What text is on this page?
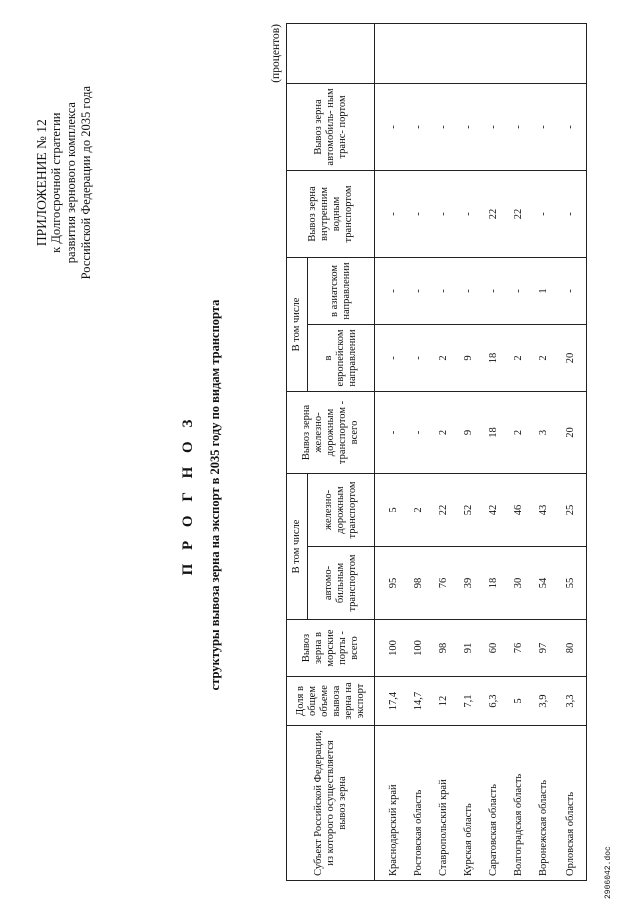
ПРИЛОЖЕНИЕ № 12 к Долгосрочной стратегии развития зернового комплекса Российской Федерации до 2035 года
П Р О Г Н О З структуры вывоза зерна на экспорт в 2035 году по видам транспорта
(процентов)
Субъект Российской Федерации, из которого осуществляется вывоз зерна	Доля в общем объеме вывоза зерна на экспорт	Вывоз зерна в морские порты - всего	В том числе		Вывоз зерна железно- дорожным транспортом - всего	В том числе		Вывоз зерна внутренним водным транспортом	Вывоз зерна автомобиль- ным транс- портом	
			автомо- бильным транспортом	железно- дорожным транспортом		в европейском направлении	в азиатском направлении			
Краснодарский край	17,4	100	95	5	-	-	-	-	-	
Ростовская область	14,7	100	98	2	-	-	-	-	-	
Ставропольский край	12	98	76	22	2	2	-	-	-	
Курская область	7,1	91	39	52	9	9	-	-	-	
Саратовская область	6,3	60	18	42	18	18	-	22	-	
Волгоградская область	5	76	30	46	2	2	-	22	-	
Воронежская область	3,9	97	54	43	3	2	1	-	-	
Орловская область	3,3	80	55	25	20	20	-	-	-	
2906042.doc
